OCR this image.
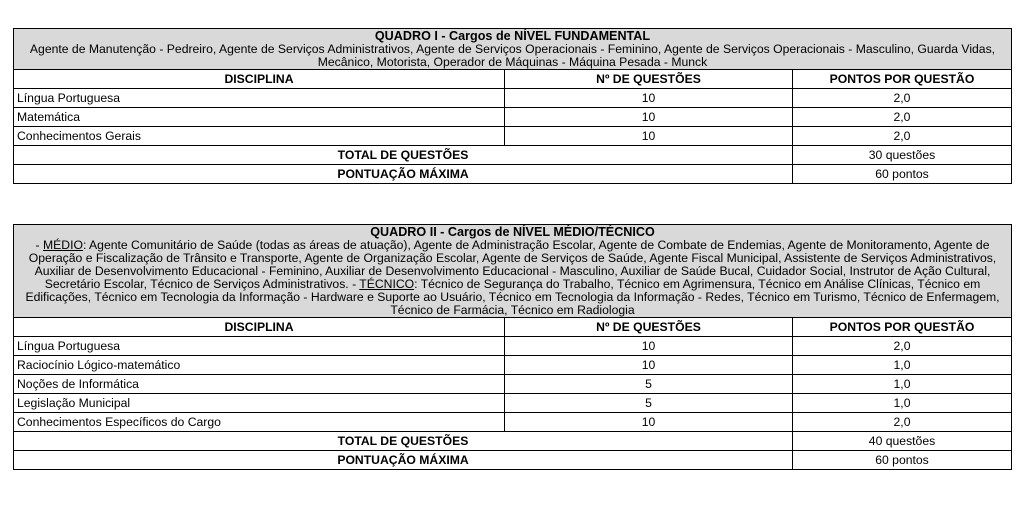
QUADRO I - Cargos de NÍVEL FUNDAMENTAL
Agente de Manutenção - Pedreiro, Agente de Serviços Administrativos, Agente de Serviços Operacionais - Feminino, Agente de Serviços Operacionais - Masculino, Guarda Vidas, Mecânico, Motorista, Operador de Máquinas - Máquina Pesada - Munck		

DISCIPLINA	Nº DE QUESTÕES	PONTOS POR QUESTÃO
Língua Portuguesa	10	2,0
Matemática	10	2,0
Conhecimentos Gerais	10	2,0
TOTAL DE QUESTÕES		30 questões
PONTUAÇÃO MÁXIMA		60 pontos
QUADRO II - Cargos de NÍVEL MÉDIO/TÉCNICO
- MÉDIO: Agente Comunitário de Saúde (todas as áreas de atuação), Agente de Administração Escolar, Agente de Combate de Endemias, Agente de Monitoramento, Agente de Operação e Fiscalização de Trânsito e Transporte, Agente de Organização Escolar, Agente de Serviços de Saúde, Agente Fiscal Municipal, Assistente de Serviços Administrativos, Auxiliar de Desenvolvimento Educacional - Feminino, Auxiliar de Desenvolvimento Educacional - Masculino, Auxiliar de Saúde Bucal, Cuidador Social, Instrutor de Ação Cultural, Secretário Escolar, Técnico de Serviços Administrativos. - TÉCNICO: Técnico de Segurança do Trabalho, Técnico em Agrimensura, Técnico em Análise Clínicas, Técnico em Edificações, Técnico em Tecnologia da Informação - Hardware e Suporte ao Usuário, Técnico em Tecnologia da Informação - Redes, Técnico em Turismo, Técnico de Enfermagem, Técnico de Farmácia, Técnico em Radiologia		

DISCIPLINA	Nº DE QUESTÕES	PONTOS POR QUESTÃO
Língua Portuguesa	10	2,0
Raciocínio Lógico-matemático	10	1,0
Noções de Informática	5	1,0
Legislação Municipal	5	1,0
Conhecimentos Específicos do Cargo	10	2,0
TOTAL DE QUESTÕES		40 questões
PONTUAÇÃO MÁXIMA		60 pontos
